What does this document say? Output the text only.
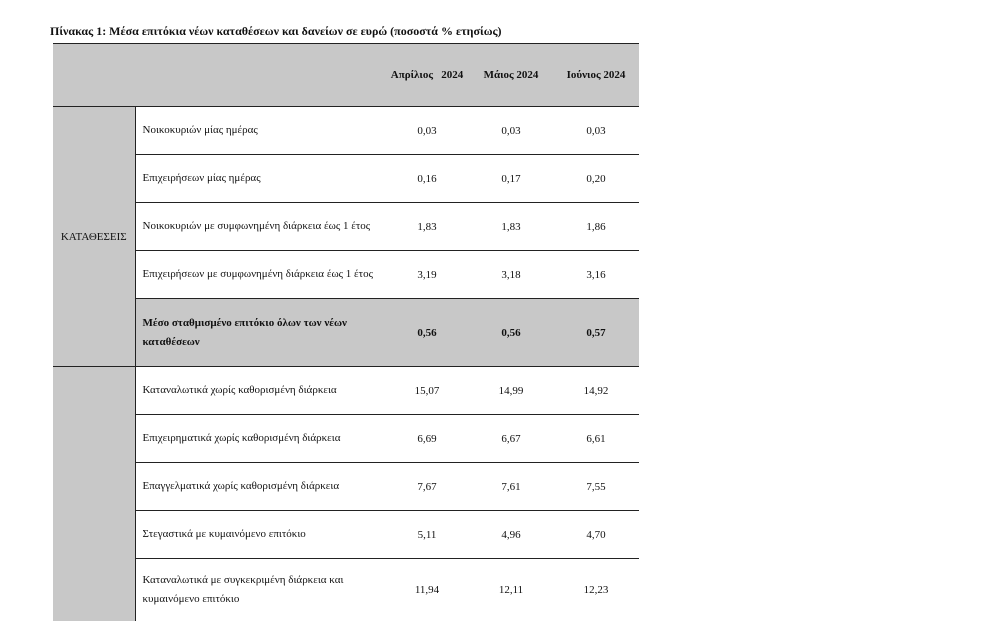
Πίνακας 1: Μέσα επιτόκια νέων καταθέσεων και δανείων σε ευρώ (ποσοστά % ετησίως)
		Απρίλιος   2024	Μάιος 2024	Ιούνιος 2024
ΚΑΤΑΘΕΣΕΙΣ	Νοικοκυριών μίας ημέρας	0,03	0,03	0,03
	Επιχειρήσεων μίας ημέρας	0,16	0,17	0,20
	Νοικοκυριών με συμφωνημένη διάρκεια έως 1 έτος	1,83	1,83	1,86
	Επιχειρήσεων με συμφωνημένη διάρκεια έως 1 έτος	3,19	3,18	3,16
	Μέσο σταθμισμένο επιτόκιο όλων των νέων καταθέσεων	0,56	0,56	0,57
	Καταναλωτικά χωρίς καθορισμένη διάρκεια	15,07	14,99	14,92
	Επιχειρηματικά χωρίς καθορισμένη διάρκεια	6,69	6,67	6,61
	Επαγγελματικά χωρίς καθορισμένη διάρκεια	7,67	7,61	7,55
	Στεγαστικά με κυμαινόμενο επιτόκιο	5,11	4,96	4,70
	Καταναλωτικά με συγκεκριμένη διάρκεια και κυμαινόμενο επιτόκιο	11,94	12,11	12,23
